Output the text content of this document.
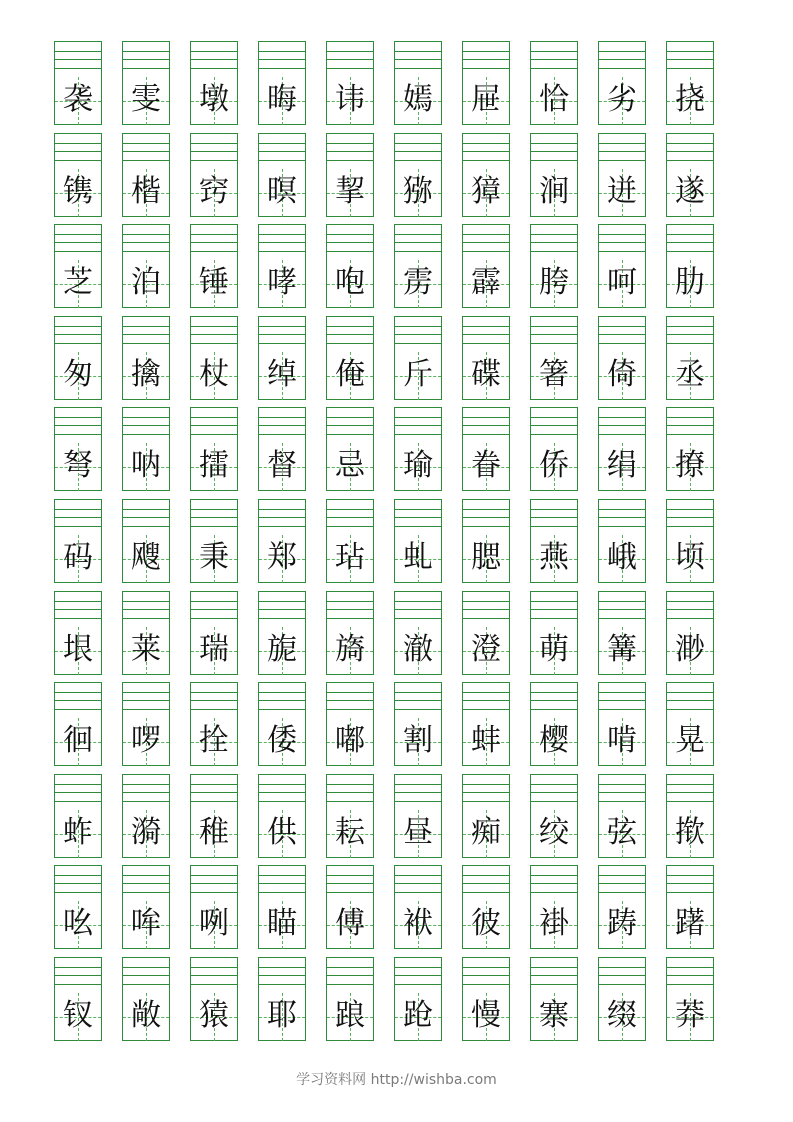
袭 雯 墩 晦 讳 嫣 屉 恰 劣 挠
镌 楷 窍 暝 挈 猕 獐 涧 迸 遂
芝 泊 锤 哮 咆 雳 霹 胯 呵 肋
匆 擒 杖 绰 俺 斤 碟 箸 倚 丞
弩 呐 擂 督 忌 瑜 眷 侨 绢 撩
码 飕 秉 郑 玷 虬 腮 燕 峨 顷
垠 莱 瑞 旎 旖 澈 澄 萌 篝 渺
徊 啰 拴 倭 嘟 割 蚌 樱 啃 晃
蚱 漪 稚 供 耘 昼 痴 绞 弦 揿
吆 哞 咧 瞄 傅 袱 彼 褂 踌 躇
钗 敞 猿 耶 踉 跄 慢 寨 缀 莽
学习资料网 http://wishba.com
